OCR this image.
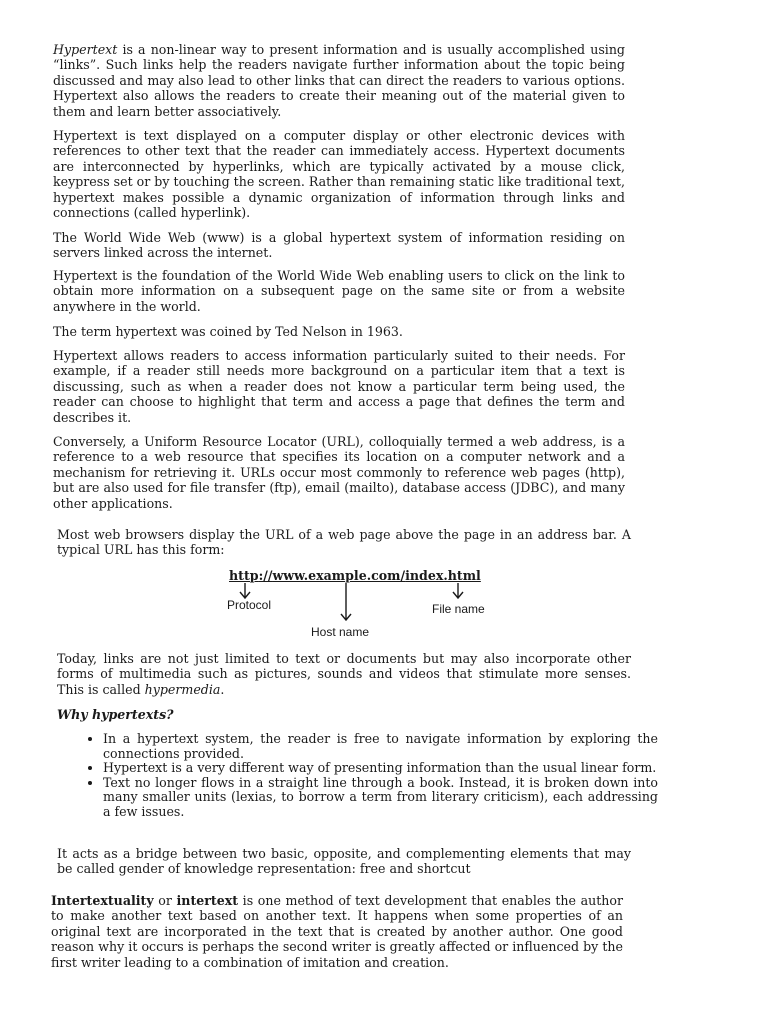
Hypertext is a non-linear way to present information and is usually accomplished using “links”. Such links help the readers navigate further information about the topic being discussed and may also lead to other links that can direct the readers to various options. Hypertext also allows the readers to create their meaning out of the material given to them and learn better associatively.

Hypertext is text displayed on a computer display or other electronic devices with references to other text that the reader can immediately access. Hypertext documents are interconnected by hyperlinks, which are typically activated by a mouse click, keypress set or by touching the screen. Rather than remaining static like traditional text, hypertext makes possible a dynamic organization of information through links and connections (called hyperlink).

The World Wide Web (www) is a global hypertext system of information residing on servers linked across the internet.

Hypertext is the foundation of the World Wide Web enabling users to click on the link to obtain more information on a subsequent page on the same site or from a website anywhere in the world.

The term hypertext was coined by Ted Nelson in 1963.

Hypertext allows readers to access information particularly suited to their needs. For example, if a reader still needs more background on a particular item that a text is discussing, such as when a reader does not know a particular term being used, the reader can choose to highlight that term and access a page that defines the term and describes it.

Conversely, a Uniform Resource Locator (URL), colloquially termed a web address, is a reference to a web resource that specifies its location on a computer network and a mechanism for retrieving it. URLs occur most commonly to reference web pages (http), but are also used for file transfer (ftp), email (mailto), database access (JDBC), and many other applications.

Most web browsers display the URL of a web page above the page in an address bar. A typical URL has this form:

http://www.example.com/index.html
Protocol
Host name
File name

Today, links are not just limited to text or documents but may also incorporate other forms of multimedia such as pictures, sounds and videos that stimulate more senses. This is called hypermedia.

Why hypertexts?
• In a hypertext system, the reader is free to navigate information by exploring the connections provided.
• Hypertext is a very different way of presenting information than the usual linear form.
• Text no longer flows in a straight line through a book. Instead, it is broken down into many smaller units (lexias, to borrow a term from literary criticism), each addressing a few issues.

It acts as a bridge between two basic, opposite, and complementing elements that may be called gender of knowledge representation: free and shortcut

Intertextuality or intertext is one method of text development that enables the author to make another text based on another text. It happens when some properties of an original text are incorporated in the text that is created by another author. One good reason why it occurs is perhaps the second writer is greatly affected or influenced by the first writer leading to a combination of imitation and creation.
